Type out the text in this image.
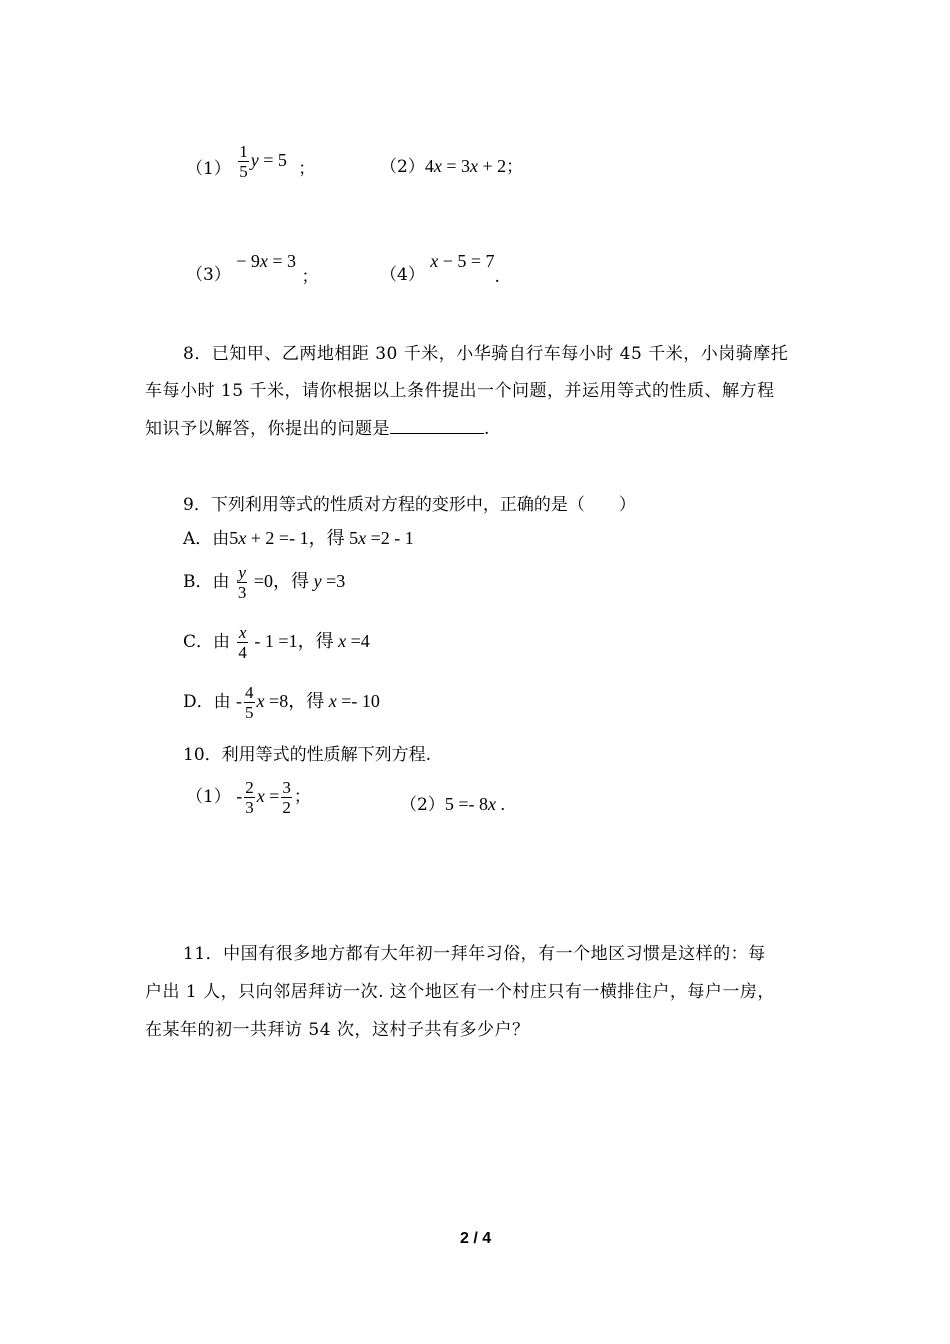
$(1) \frac{1}{5}$ y = 5 ；	（2）4x = 3x + 2；
（3） − 9x = 3 ；	（4） x − 5 = 7.
8．已知甲、乙两地相距 30 千米，小华骑自行车每小时 45 千米，小岗骑摩托
车每小时 15 千米，请你根据以上条件提出一个问题，并运用等式的性质、解方程
知识予以解答，你提出的问题是	.
9．下列利用等式的性质对方程的变形中，正确的是（　　）
A．由5x + 2 =- 1，得 5x =2 - 1
B．由 $\frac{y}{3} =0$，得 y =3
C．由 $\frac{x}{4} - 1 =1$，得 x =4
D．由 - $\frac{4}{5}$ x =8，得 x =- 10
10．利用等式的性质解下列方程.
$(1) - \frac{2}{3}$ $x = \frac{3}{2}$ ；	（2）5 =- 8x .
11．中国有很多地方都有大年初一拜年习俗，有一个地区习惯是这样的：每
户出 1 人，只向邻居拜访一次. 这个地区有一个村庄只有一横排住户，每户一房，
在某年的初一共拜访 54 次，这村子共有多少户？
2 / 4
